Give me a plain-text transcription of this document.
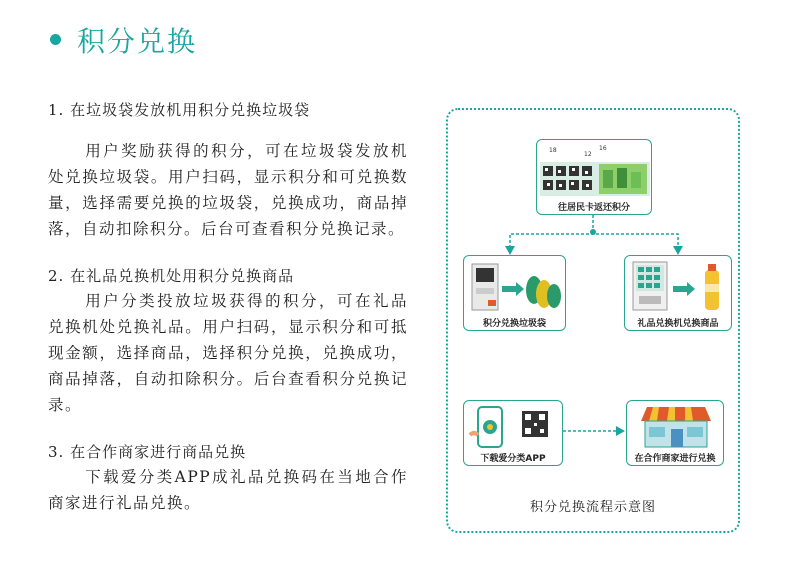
积分兑换
1. 在垃圾袋发放机用积分兑换垃圾袋
用户奖励获得的积分，可在垃圾袋发放机处兑换垃圾袋。用户扫码，显示积分和可兑换数量，选择需要兑换的垃圾袋，兑换成功，商品掉落，自动扣除积分。后台可查看积分兑换记录。
2. 在礼品兑换机处用积分兑换商品
用户分类投放垃圾获得的积分，可在礼品兑换机处兑换礼品。用户扫码，显示积分和可抵现金额，选择商品，选择积分兑换，兑换成功，商品掉落，自动扣除积分。后台查看积分兑换记录。
3. 在合作商家进行商品兑换
下载爱分类APP成礼品兑换码在当地合作商家进行礼品兑换。
18
12
16
往居民卡返还积分
积分兑换垃圾袋	礼品兑换机兑换商品
下载爱分类APP	在合作商家进行兑换
积分兑换流程示意图
